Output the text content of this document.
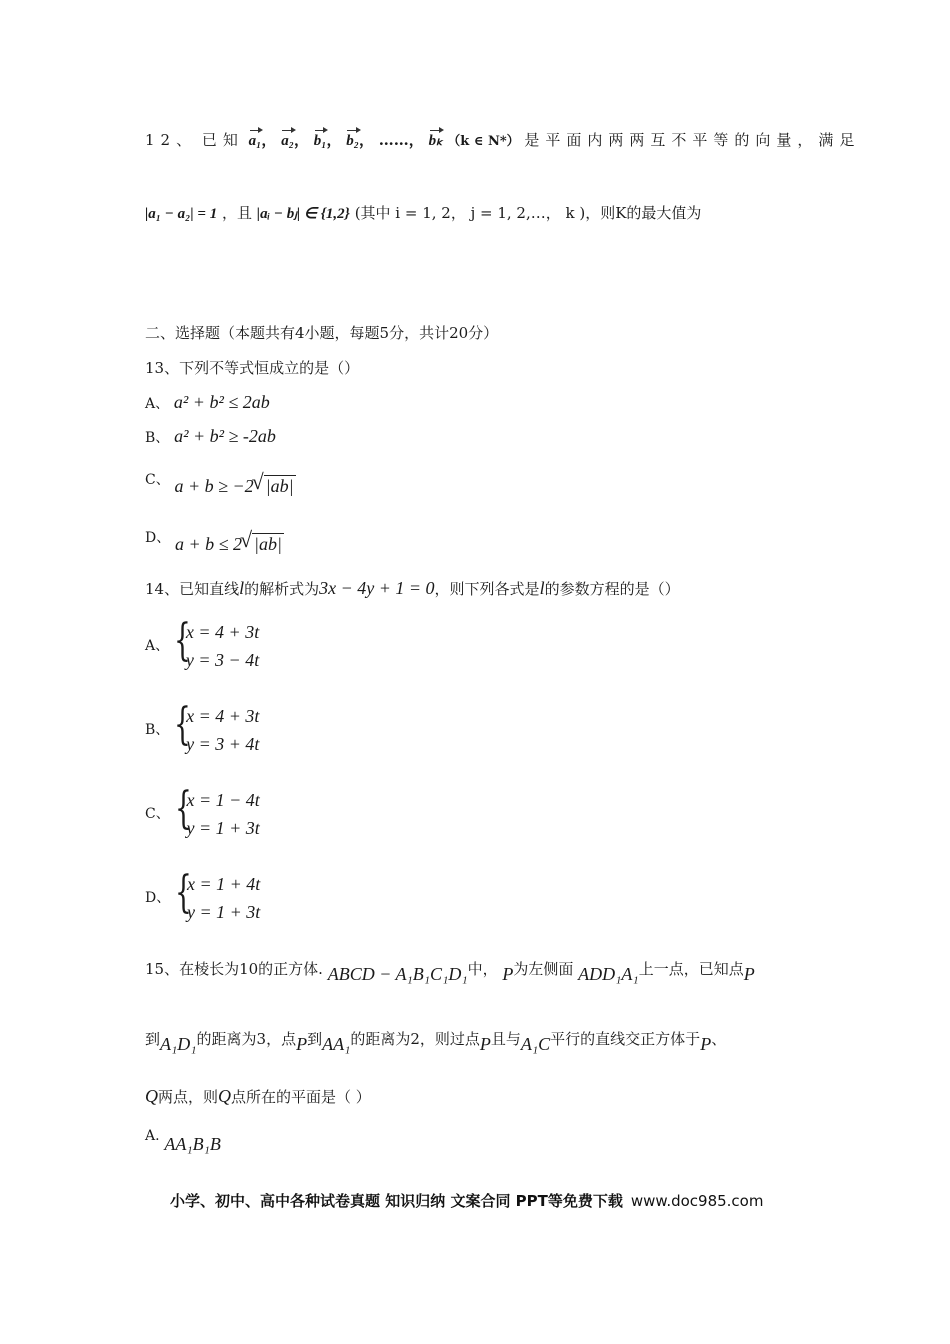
12、 已知 a₁， a₂， b₁， b₂， ……， bₖ （k ∈ N*） 是平面内两两互不平等的向量，满足
|a₁ − a₂| = 1 ，且 |aᵢ − bⱼ| ∈ {1,2} (其中 i = 1, 2， j = 1, 2,…， k )，则K的最大值为
二、选择题（本题共有4小题，每题5分，共计20分）
13、下列不等式恒成立的是（）
A、 a² + b² ≤ 2ab
B、 a² + b² ≥ -2ab
C、 a + b ≥ −2 √ |ab|
D、 a + b ≤ 2 √ |ab|
14、已知直线l的解析式为3x − 4y + 1 = 0，则下列各式是l的参数方程的是（）
A、 {
x = 4 + 3t
y = 3 − 4t
B、 {
x = 4 + 3t
y = 3 + 4t
C、 {
x = 1 − 4t
y = 1 + 3t
D、 {
x = 1 + 4t
y = 1 + 3t
15、在棱长为10的正方体. ABCD − A₁B₁C₁D₁中， P为左侧面 ADD₁A₁上一点，已知点P
到A₁D₁的距离为3，点P到AA₁的距离为2，则过点P且与A₁C平行的直线交正方体于P、
Q两点，则Q点所在的平面是（ ）
A. AA₁B₁B
小学、初中、高中各种试卷真题 知识归纳 文案合同 PPT等免费下载 www.doc985.com
